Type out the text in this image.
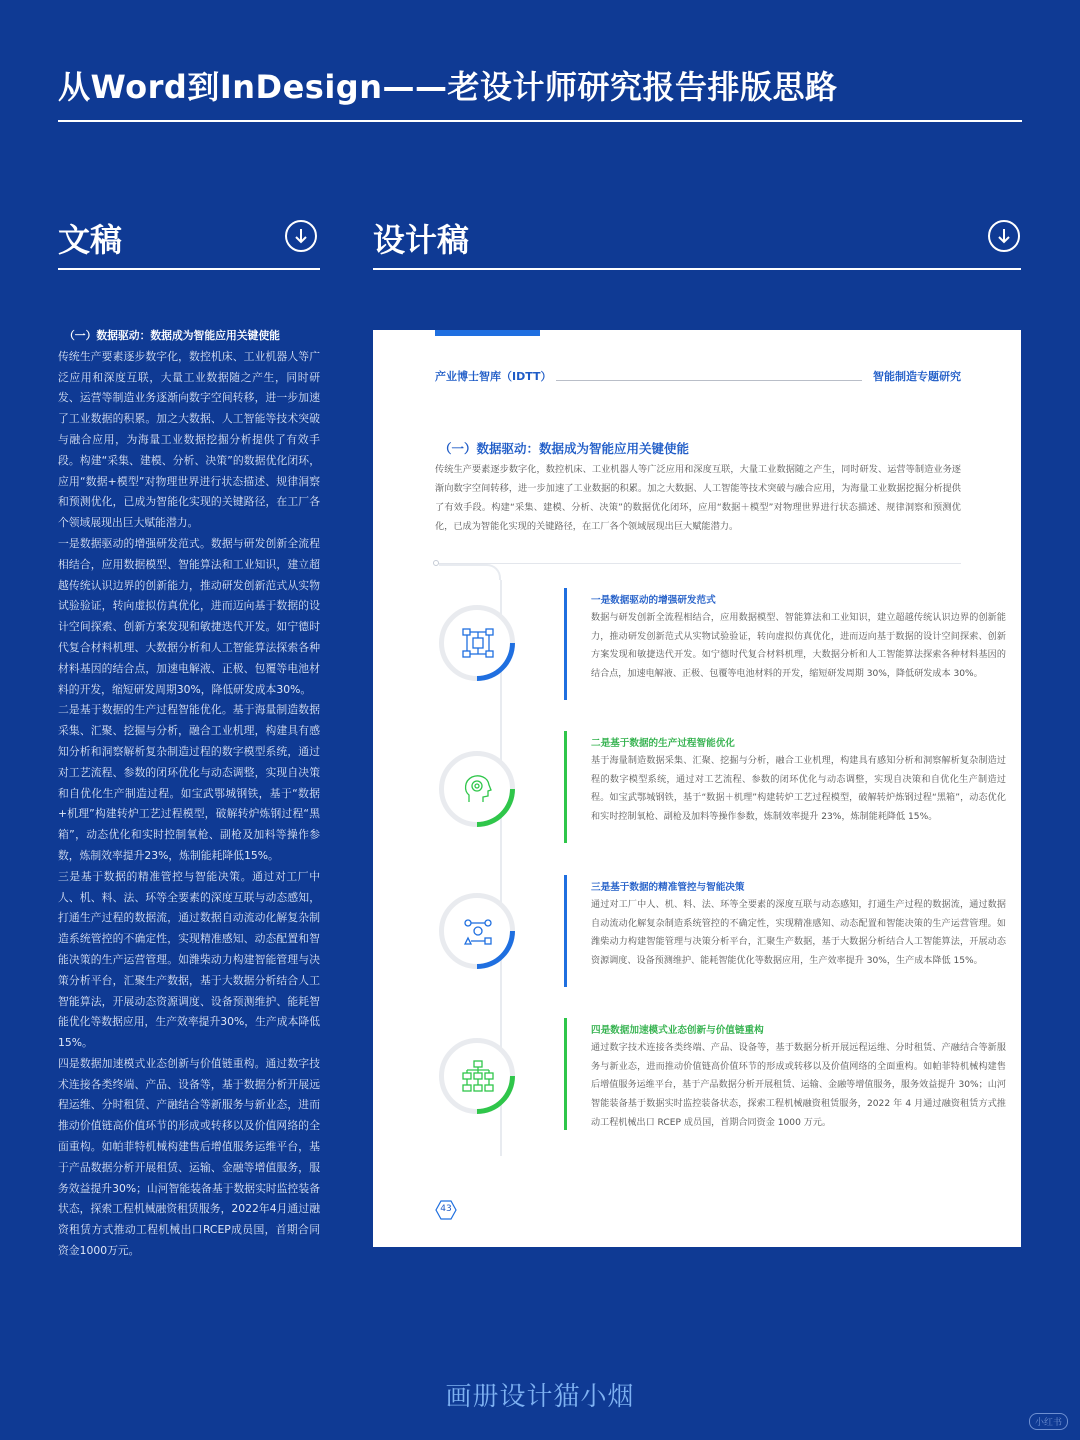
从Word到InDesign——老设计师研究报告排版思路
文稿	设计稿
（一）数据驱动：数据成为智能应用关键使能

传统生产要素逐步数字化，数控机床、工业机器人等广泛应用和深度互联，大量工业数据随之产生，同时研发、运营等制造业务逐渐向数字空间转移，进一步加速了工业数据的积累。加之大数据、人工智能等技术突破与融合应用，为海量工业数据挖掘分析提供了有效手段。构建“采集、建模、分析、决策”的数据优化闭环，应用“数据+模型”对物理世界进行状态描述、规律洞察和预测优化，已成为智能化实现的关键路径，在工厂各个领域展现出巨大赋能潜力。

一是数据驱动的增强研发范式。数据与研发创新全流程相结合，应用数据模型、智能算法和工业知识，建立超越传统认识边界的创新能力，推动研发创新范式从实物试验验证，转向虚拟仿真优化，进而迈向基于数据的设计空间探索、创新方案发现和敏捷迭代开发。如宁德时代复合材料机理、大数据分析和人工智能算法探索各种材料基因的结合点，加速电解液、正极、包覆等电池材料的开发，缩短研发周期30%，降低研发成本30%。

二是基于数据的生产过程智能优化。基于海量制造数据采集、汇聚、挖掘与分析，融合工业机理，构建具有感知分析和洞察解析复杂制造过程的数字模型系统，通过对工艺流程、参数的闭环优化与动态调整，实现自决策和自优化生产制造过程。如宝武鄂城钢铁，基于“数据+机理”构建转炉工艺过程模型，破解转炉炼钢过程“黑箱”，动态优化和实时控制氧枪、副枪及加料等操作参数，炼制效率提升23%，炼制能耗降低15%。

三是基于数据的精准管控与智能决策。通过对工厂中人、机、料、法、环等全要素的深度互联与动态感知，打通生产过程的数据流，通过数据自动流动化解复杂制造系统管控的不确定性，实现精准感知、动态配置和智能决策的生产运营管理。如潍柴动力构建智能管理与决策分析平台，汇聚生产数据，基于大数据分析结合人工智能算法，开展动态资源调度、设备预测维护、能耗智能优化等数据应用，生产效率提升30%，生产成本降低15%。

四是数据加速模式业态创新与价值链重构。通过数字技术连接各类终端、产品、设备等，基于数据分析开展远程运维、分时租赁、产融结合等新服务与新业态，进而推动价值链高价值环节的形成或转移以及价值网络的全面重构。如帕菲特机械构建售后增值服务运维平台，基于产品数据分析开展租赁、运输、金融等增值服务，服务效益提升30%；山河智能装备基于数据实时监控装备状态，探索工程机械融资租赁服务，2022年4月通过融资租赁方式推动工程机械出口RCEP成员国，首期合同资金1000万元。

产业博士智库（IDTT）	智能制造专题研究
（一）数据驱动：数据成为智能应用关键使能
传统生产要素逐步数字化，数控机床、工业机器人等广泛应用和深度互联，大量工业数据随之产生，同时研发、运营等制造业务逐渐向数字空间转移，进一步加速了工业数据的积累。加之大数据、人工智能等技术突破与融合应用，为海量工业数据挖掘分析提供了有效手段。构建“采集、建模、分析、决策”的数据优化闭环，应用“数据＋模型”对物理世界进行状态描述、规律洞察和预测优化，已成为智能化实现的关键路径，在工厂各个领域展现出巨大赋能潜力。
一是数据驱动的增强研发范式
数据与研发创新全流程相结合，应用数据模型、智能算法和工业知识，建立超越传统认识边界的创新能力，推动研发创新范式从实物试验验证，转向虚拟仿真优化，进而迈向基于数据的设计空间探索、创新方案发现和敏捷迭代开发。如宁德时代复合材料机理，大数据分析和人工智能算法探索各种材料基因的结合点，加速电解液、正极、包覆等电池材料的开发，缩短研发周期 30%，降低研发成本 30%。
二是基于数据的生产过程智能优化
基于海量制造数据采集、汇聚、挖掘与分析，融合工业机理，构建具有感知分析和洞察解析复杂制造过程的数字模型系统，通过对工艺流程、参数的闭环优化与动态调整，实现自决策和自优化生产制造过程。如宝武鄂城钢铁，基于“数据＋机理”构建转炉工艺过程模型，破解转炉炼钢过程“黑箱”，动态优化和实时控制氧枪、副枪及加料等操作参数，炼制效率提升 23%，炼制能耗降低 15%。
三是基于数据的精准管控与智能决策
通过对工厂中人、机、料、法、环等全要素的深度互联与动态感知，打通生产过程的数据流，通过数据自动流动化解复杂制造系统管控的不确定性，实现精准感知、动态配置和智能决策的生产运营管理。如潍柴动力构建智能管理与决策分析平台，汇聚生产数据，基于大数据分析结合人工智能算法，开展动态资源调度、设备预测维护、能耗智能优化等数据应用，生产效率提升 30%，生产成本降低 15%。
四是数据加速模式业态创新与价值链重构
通过数字技术连接各类终端、产品、设备等，基于数据分析开展远程运维、分时租赁、产融结合等新服务与新业态，进而推动价值链高价值环节的形成或转移以及价值网络的全面重构。如帕菲特机械构建售后增值服务运维平台，基于产品数据分析开展租赁、运输、金融等增值服务，服务效益提升 30%；山河智能装备基于数据实时监控装备状态，探索工程机械融资租赁服务，2022 年 4 月通过融资租赁方式推动工程机械出口 RCEP 成员国，首期合同资金 1000 万元。
43
画册设计猫小烟
小红书
